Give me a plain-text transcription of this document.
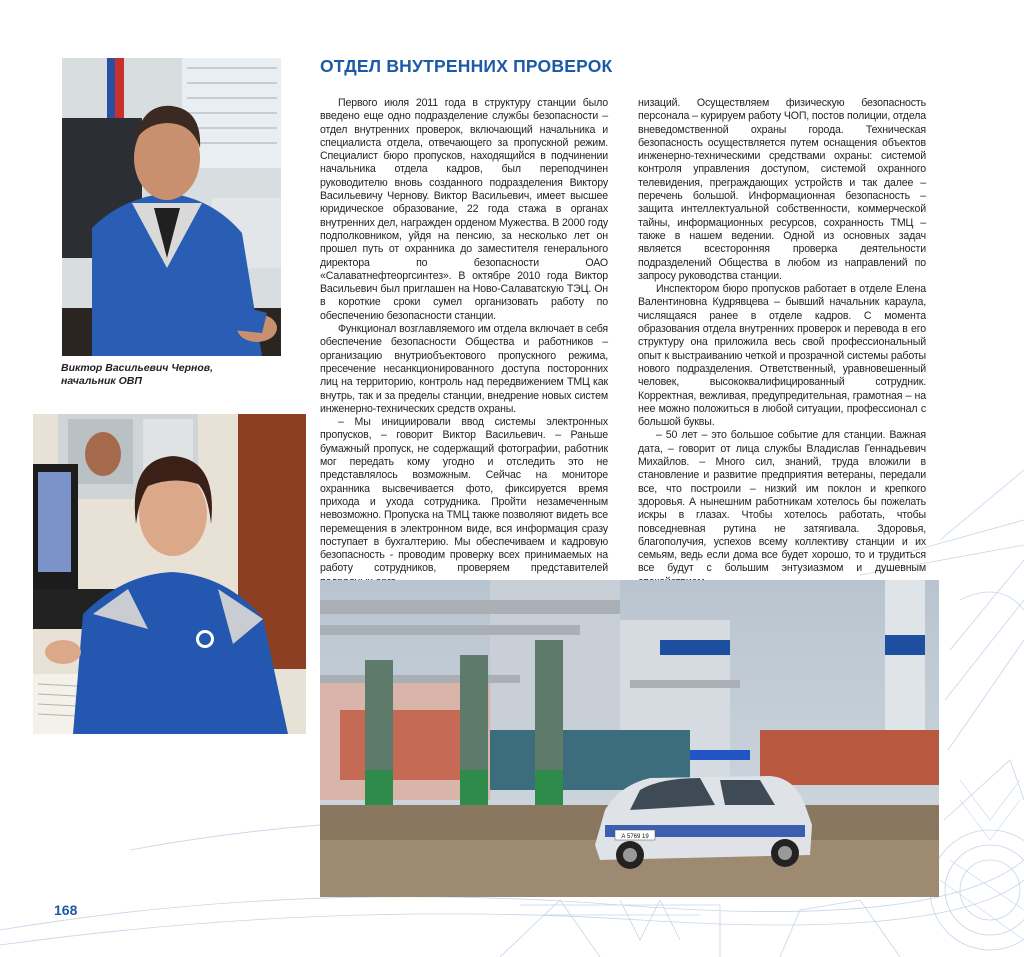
Виктор Васильевич Чернов,
начальник ОВП
ОТДЕЛ ВНУТРЕННИХ ПРОВЕРОК

Первого июля 2011 года в структуру станции было введено еще одно подразделение службы безопасности – отдел внутренних проверок, включающий начальника и специалиста отдела, отвечающего за пропускной режим. Специалист бюро пропусков, находящийся в подчинении начальника отдела кадров, был переподчинен руководителю вновь созданного подразделения Виктору Васильевичу Чернову. Виктор Васильевич, имеет высшее юридическое образование, 22 года стажа в органах внутренних дел, награжден орденом Мужества. В 2000 году подполковником, уйдя на пенсию, за несколько лет он прошел путь от охранника до заместителя генерального директора по безопасности ОАО «Салаватнефтеоргсинтез». В октябре 2010 года Виктор Васильевич был приглашен на Ново-Салаватскую ТЭЦ. Он в короткие сроки сумел организовать работу по обеспечению безопасности станции.

Функционал возглавляемого им отдела включает в себя обеспечение безопасности Общества и работников – организацию внутриобъектового пропускного режима, пресечение несанкционированного доступа посторонних лиц на территорию, контроль над передвижением ТМЦ как внутрь, так и за пределы станции, внедрение новых систем инженерно-технических средств охраны.

– Мы инициировали ввод системы электронных пропусков, – говорит Виктор Васильевич. – Раньше бумажный пропуск, не содержащий фотографии, работник мог передать кому угодно и отследить это не представлялось возможным. Сейчас на мониторе охранника высвечивается фото, фиксируется время прихода и ухода сотрудника. Пройти незамеченным невозможно. Пропуска на ТМЦ также позволяют видеть все перемещения в электронном виде, вся информация сразу поступает в бухгалтерию. Мы обеспечиваем и кадровую безопасность - проводим проверку всех принимаемых на работу сотрудников, проверяем представителей

низаций. Осуществляем физическую безопасность персонала – курируем работу ЧОП, постов полиции, отдела вневедомственной охраны города. Техническая безопасность осуществляется путем оснащения объектов инженерно-техническими средствами охраны: системой контроля управления доступом, системой охранного телевидения, преграждающих устройств и так далее – перечень большой. Информационная безопасность – защита интеллектуальной собственности, коммерческой тайны, информационных ресурсов, сохранность ТМЦ – также в нашем ведении. Одной из основных задач является всесторонняя проверка деятельности подразделений Общества в любом из направлений по запросу руководства станции.

Инспектором бюро пропусков работает в отделе Елена Валентиновна Кудрявцева – бывший начальник караула, числящаяся ранее в отделе кадров. С момента образования отдела внутренних проверок и перевода в его структуру она приложила весь свой профессиональный опыт к выстраиванию четкой и прозрачной системы работы нового подразделения. Ответственный, уравновешенный человек, высококвалифицированный сотрудник. Корректная, вежливая, предупредительная, грамотная – на нее можно положиться в любой ситуации, профессионал с большой буквы.

– 50 лет – это большое событие для станции. Важная дата, – говорит от лица службы Владислав Геннадьевич Михайлов. – Много сил, знаний, труда вложили в становление и развитие предприятия ветераны, передали все, что построили – низкий им поклон и крепкого здоровья. А нынешним работникам хотелось бы пожелать искры в глазах. Чтобы хотелось работать, чтобы повседневная рутина не затягивала. Здоровья, благополучия, успехов всему коллективу станции и их семьям, ведь если дома все будет хорошо, то и трудиться все будут с большим энтузиазмом и душевным

А 5769 19
168
